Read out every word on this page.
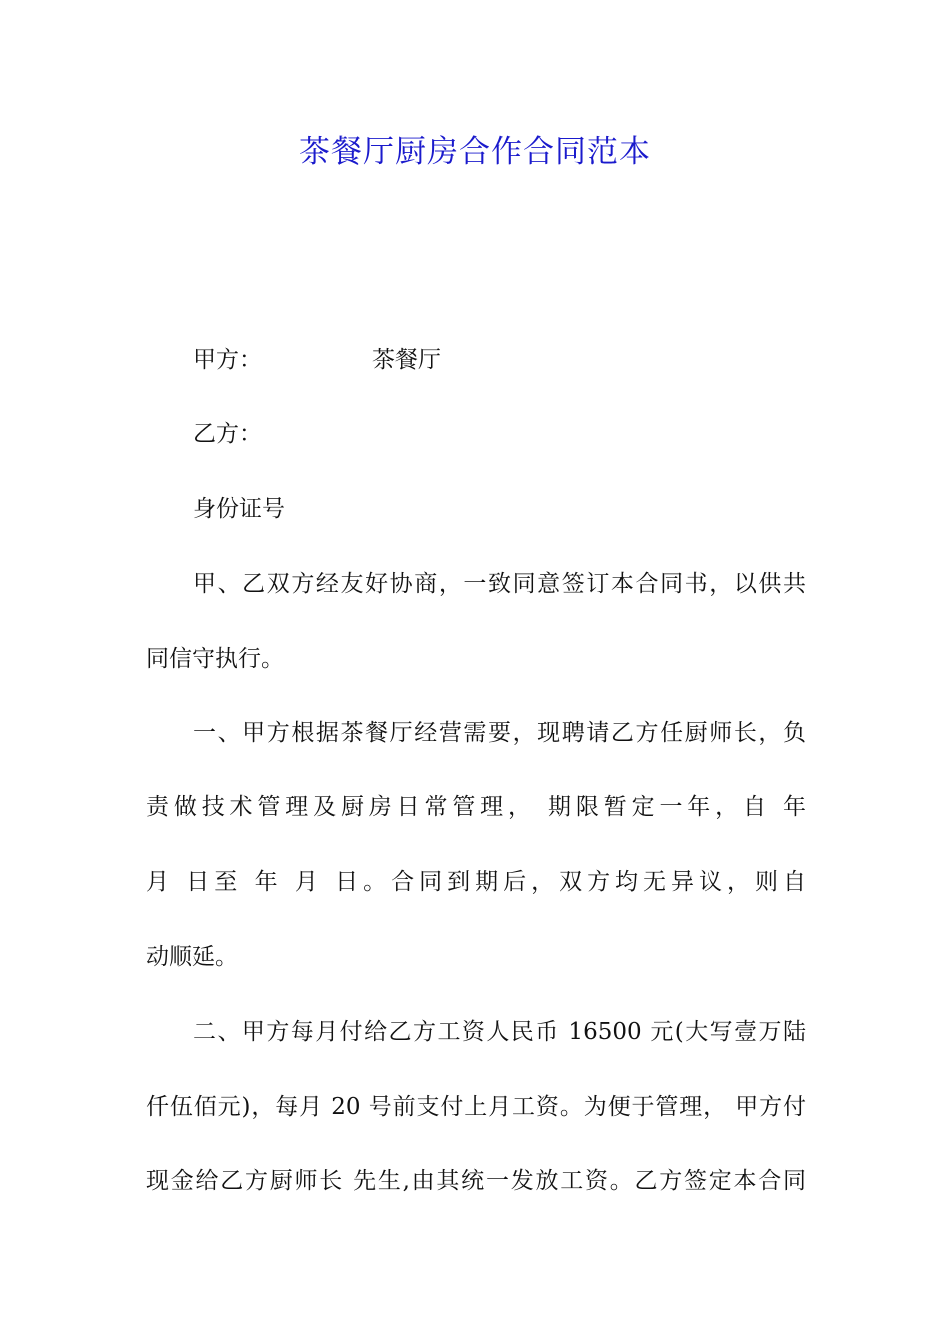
茶餐厅厨房合作合同范本

甲方：	茶餐厅

乙方：

身份证号

甲、乙双方经友好协商，一致同意签订本合同书，以供共

同信守执行。

一、甲方根据茶餐厅经营需要，现聘请乙方任厨师长，负

责做技术管理及厨房日常管理， 期限暂定一年，自 年

月 日至 年 月 日。合同到期后，双方均无异议，则自

动顺延。

二、甲方每月付给乙方工资人民币 16500 元(大写壹万陆

仟伍佰元)，每月 20 号前支付上月工资。为便于管理， 甲方付

现金给乙方厨师长 先生,由其统一发放工资。乙方签定本合同
